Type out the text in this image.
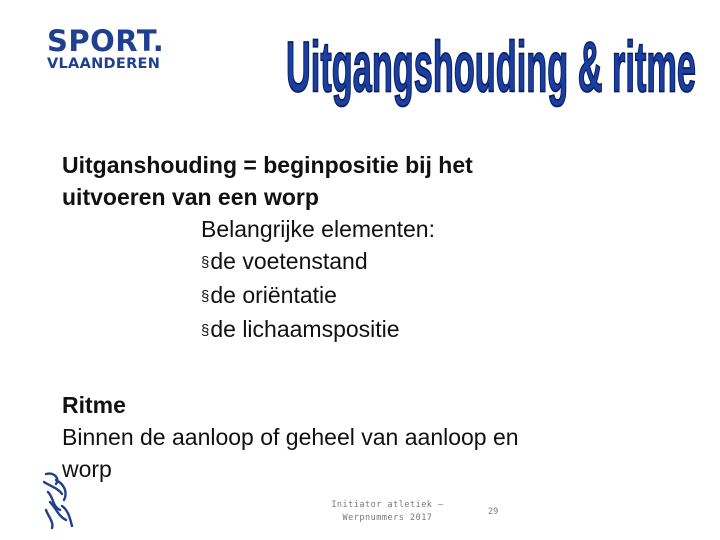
SPORT.
VLAANDEREN	Uitgangshouding & ritme
Uitganshouding = beginpositie bij het
uitvoeren van een worp
Belangrijke elementen:
§de voetenstand
§de oriëntatie
§de lichaamspositie
Ritme
Binnen de aanloop of geheel van aanloop en
worp
Initiator atletiek –
Werpnummers 2017
29
